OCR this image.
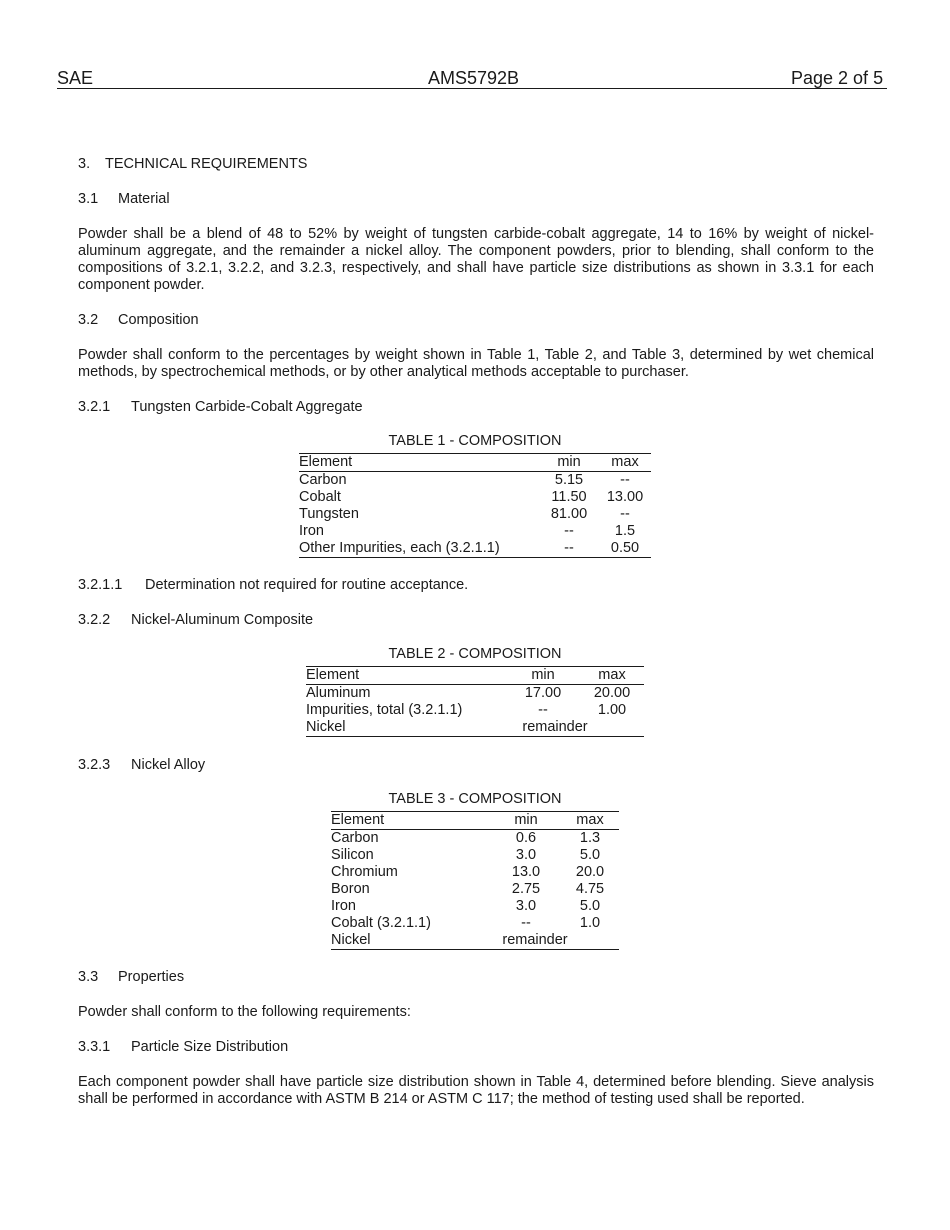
SAE	AMS5792B	Page 2 of 5
3. TECHNICAL REQUIREMENTS
3.1 Material

Powder shall be a blend of 48 to 52% by weight of tungsten carbide-cobalt aggregate, 14 to 16% by weight of nickel-aluminum aggregate, and the remainder a nickel alloy. The component powders, prior to blending, shall conform to the compositions of 3.2.1, 3.2.2, and 3.2.3, respectively, and shall have particle size distributions as shown in 3.3.1 for each component powder.

3.2 Composition

Powder shall conform to the percentages by weight shown in Table 1, Table 2, and Table 3, determined by wet chemical methods, by spectrochemical methods, or by other analytical methods acceptable to purchaser.

3.2.1 Tungsten Carbide-Cobalt Aggregate
TABLE 1 - COMPOSITION
Element	min	max
Carbon	5.15	--
Cobalt	11.50	13.00
Tungsten	81.00	--
Iron	--	1.5
Other Impurities, each (3.2.1.1)	--	0.50
3.2.1.1 Determination not required for routine acceptance.
3.2.2 Nickel-Aluminum Composite
TABLE 2 - COMPOSITION
Element	min	max
Aluminum	17.00	20.00
Impurities, total (3.2.1.1)	--	1.00
Nickel	remainder	
3.2.3 Nickel Alloy
TABLE 3 - COMPOSITION
Element	min	max
Carbon	0.6	1.3
Silicon	3.0	5.0
Chromium	13.0	20.0
Boron	2.75	4.75
Iron	3.0	5.0
Cobalt (3.2.1.1)	--	1.0
Nickel	remainder	
3.3 Properties

Powder shall conform to the following requirements:

3.3.1 Particle Size Distribution

Each component powder shall have particle size distribution shown in Table 4, determined before blending. Sieve analysis shall be performed in accordance with ASTM B 214 or ASTM C 117; the method of testing used shall be reported.
